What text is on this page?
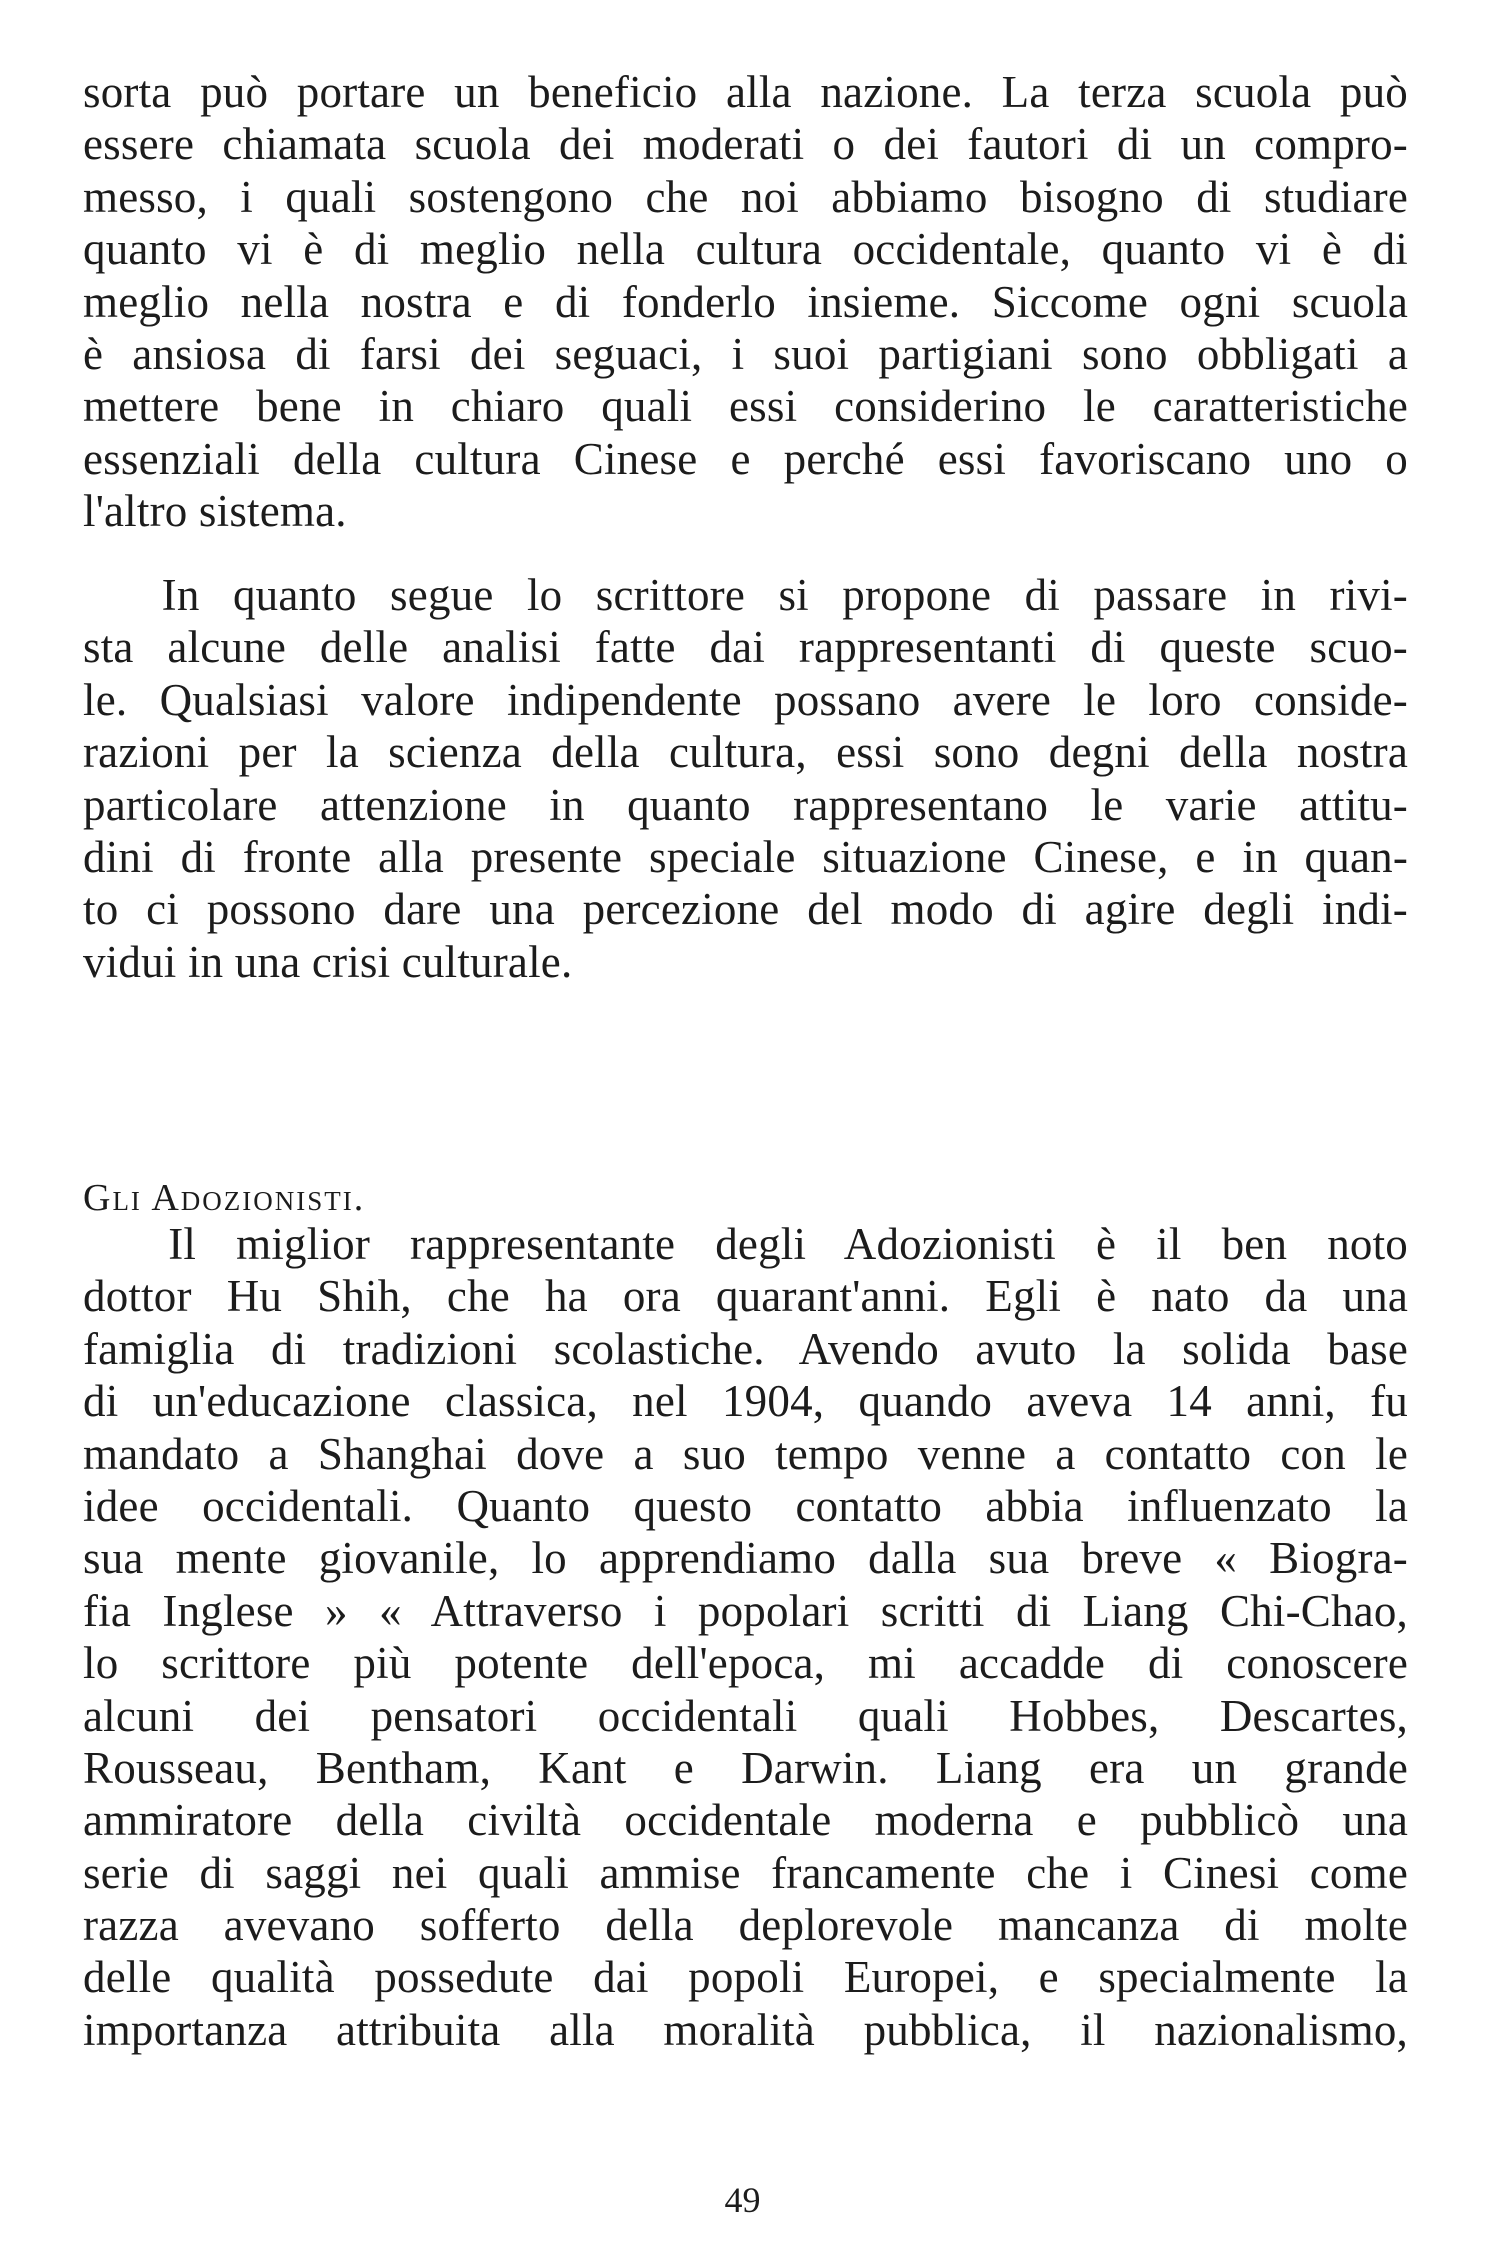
sorta può portare un beneficio alla nazione. La terza scuola può
essere chiamata scuola dei moderati o dei fautori di un compro-
messo, i quali sostengono che noi abbiamo bisogno di studiare
quanto vi è di meglio nella cultura occidentale, quanto vi è di
meglio nella nostra e di fonderlo insieme. Siccome ogni scuola
è ansiosa di farsi dei seguaci, i suoi partigiani sono obbligati a
mettere bene in chiaro quali essi considerino le caratteristiche
essenziali della cultura Cinese e perché essi favoriscano uno o
l'altro sistema.
  In quanto segue lo scrittore si propone di passare in rivi-
sta alcune delle analisi fatte dai rappresentanti di queste scuo-
le. Qualsiasi valore indipendente possano avere le loro conside-
razioni per la scienza della cultura, essi sono degni della nostra
particolare attenzione in quanto rappresentano le varie attitu-
dini di fronte alla presente speciale situazione Cinese, e in quan-
to ci possono dare una percezione del modo di agire degli indi-
vidui in una crisi culturale.
Gli Adozionisti.
  Il miglior rappresentante degli Adozionisti è il ben noto
dottor Hu Shih, che ha ora quarant'anni. Egli è nato da una
famiglia di tradizioni scolastiche. Avendo avuto la solida base
di un'educazione classica, nel 1904, quando aveva 14 anni, fu
mandato a Shanghai dove a suo tempo venne a contatto con le
idee occidentali. Quanto questo contatto abbia influenzato la
sua mente giovanile, lo apprendiamo dalla sua breve « Biogra-
fia Inglese » « Attraverso i popolari scritti di Liang Chi-Chao,
lo scrittore più potente dell'epoca, mi accadde di conoscere
alcuni dei pensatori occidentali quali Hobbes, Descartes,
Rousseau, Bentham, Kant e Darwin. Liang era un grande
ammiratore della civiltà occidentale moderna e pubblicò una
serie di saggi nei quali ammise francamente che i Cinesi come
razza avevano sofferto della deplorevole mancanza di molte
delle qualità possedute dai popoli Europei, e specialmente la
importanza attribuita alla moralità pubblica, il nazionalismo,
49
